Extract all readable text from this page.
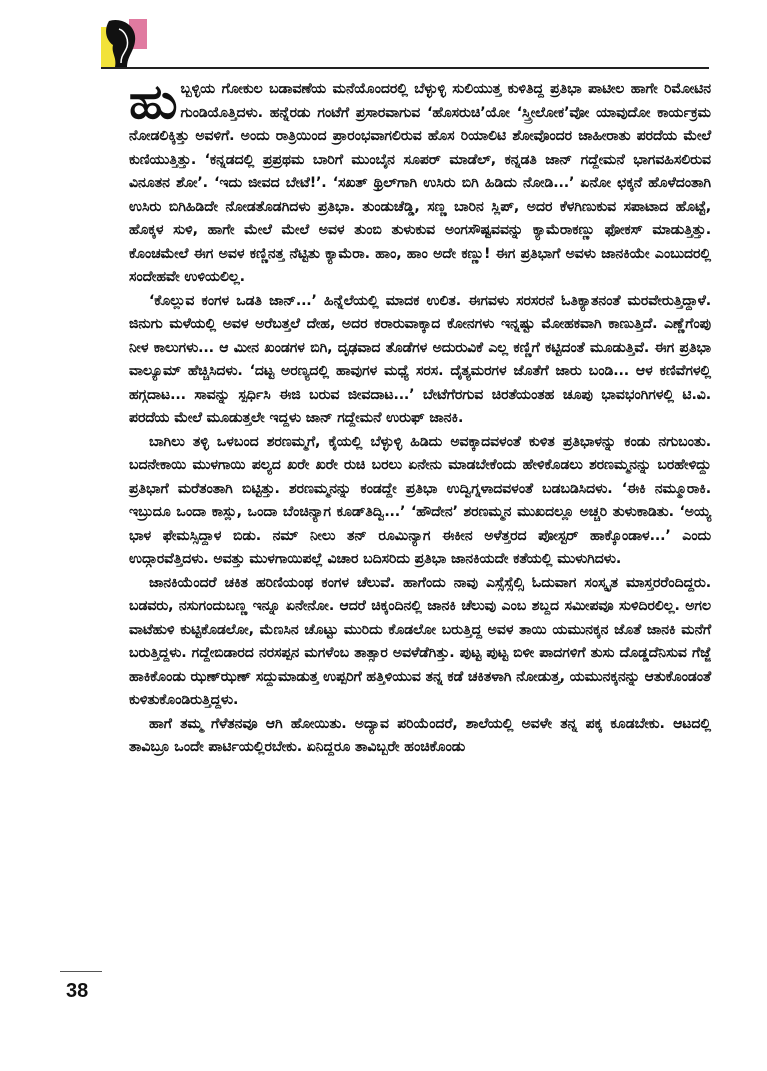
ಹು ಬ್ಬಳ್ಳಿಯ ಗೋಕುಲ ಬಡಾವಣೆಯ ಮನೆಯೊಂದರಲ್ಲಿ ಬೆಳ್ಳುಳ್ಳಿ ಸುಲಿಯುತ್ತ ಕುಳಿತಿದ್ದ ಪ್ರತಿಭಾ ಪಾಟೀಲ ಹಾಗೇ ರಿಮೋಟಿನ ಗುಂಡಿಯೊತ್ತಿದಳು. ಹನ್ನೆರಡು ಗಂಟೆಗೆ ಪ್ರಸಾರವಾಗುವ ‘ಹೊಸರುಚಿ’ಯೋ ‘ಸ್ತ್ರೀಲೋಕ’ವೋ ಯಾವುದೋ ಕಾರ್ಯಕ್ರಮ ನೋಡಲಿಕ್ಕಿತ್ತು ಅವಳಿಗೆ. ಅಂದು ರಾತ್ರಿಯಿಂದ ಪ್ರಾರಂಭವಾಗಲಿರುವ ಹೊಸ ರಿಯಾಲಿಟಿ ಶೋವೊಂದರ ಜಾಹೀರಾತು ಪರದೆಯ ಮೇಲೆ ಕುಣಿಯುತ್ತಿತ್ತು. ‘ಕನ್ನಡದಲ್ಲಿ ಪ್ರಪ್ರಥಮ ಬಾರಿಗೆ ಮುಂಬೈನ ಸೂಪರ್ ಮಾಡೆಲ್, ಕನ್ನಡತಿ ಜಾನ್ ಗದ್ದೇಮನೆ ಭಾಗವಹಿಸಲಿರುವ ವಿನೂತನ ಶೋ’. ‘ಇದು ಜೀವದ ಬೇಟೆ!’. ‘ಸಖತ್ ಥ್ರಿಲ್‌ಗಾಗಿ ಉಸಿರು ಬಿಗಿ ಹಿಡಿದು ನೋಡಿ...’ ಏನೋ ಛಕ್ಕನೆ ಹೊಳೆದಂತಾಗಿ ಉಸಿರು ಬಿಗಿಹಿಡಿದೇ ನೋಡತೊಡಗಿದಳು ಪ್ರತಿಭಾ. ತುಂಡುಚೆಡ್ಡಿ, ಸಣ್ಣ ಬಾರಿನ ಸ್ಲಿಪ್, ಅದರ ಕೆಳಗಿಣುಕುವ ಸಪಾಟಾದ ಹೊಟ್ಟೆ, ಹೊಕ್ಕಳ ಸುಳಿ, ಹಾಗೇ ಮೇಲೆ ಮೇಲೆ ಅವಳ ತುಂಬಿ ತುಳುಕುವ ಅಂಗಸೌಷ್ಟವವನ್ನು ಕ್ಯಾಮೆರಾಕಣ್ಣು ಫೋಕಸ್ ಮಾಡುತ್ತಿತ್ತು. ಕೊಂಚಮೇಲೆ ಈಗ ಅವಳ ಕಣ್ಣಿನತ್ತ ನೆಟ್ಟಿತು ಕ್ಯಾಮೆರಾ. ಹಾಂ, ಹಾಂ ಅದೇ ಕಣ್ಣು! ಈಗ ಪ್ರತಿಭಾಗೆ ಅವಳು ಜಾನಕಿಯೇ ಎಂಬುದರಲ್ಲಿ ಸಂದೇಹವೇ ಉಳಿಯಲಿಲ್ಲ.

‘ಕೊಲ್ಲುವ ಕಂಗಳ ಒಡತಿ ಜಾನ್...’ ಹಿನ್ನೆಲೆಯಲ್ಲಿ ಮಾದಕ ಉಲಿತ. ಈಗವಳು ಸರಸರನೆ ಓತಿಕ್ಯಾತನಂತೆ ಮರವೇರುತ್ತಿದ್ದಾಳೆ. ಜಿನುಗು ಮಳೆಯಲ್ಲಿ ಅವಳ ಅರೆಬತ್ತಲೆ ದೇಹ, ಅದರ ಕರಾರುವಾಕ್ಕಾದ ಕೋನಗಳು ಇನ್ನಷ್ಟು ಮೋಹಕವಾಗಿ ಕಾಣುತ್ತಿದೆ. ಎಣ್ಣೆಗೆಂಪು ನೀಳ ಕಾಲುಗಳು... ಆ ಮೀನ ಖಂಡಗಳ ಬಿಗಿ, ದೃಢವಾದ ತೊಡೆಗಳ ಅದುರುವಿಕೆ ಎಲ್ಲ ಕಣ್ಣಿಗೆ ಕಟ್ಟಿದಂತೆ ಮೂಡುತ್ತಿವೆ. ಈಗ ಪ್ರತಿಭಾ ವಾಲ್ಯೂಮ್ ಹೆಚ್ಚಿಸಿದಳು. ‘ದಟ್ಟ ಅರಣ್ಯದಲ್ಲಿ ಹಾವುಗಳ ಮಧ್ಯೆ ಸರಸ. ದೈತ್ಯಮರಗಳ ಜೊತೆಗೆ ಜಾರು ಬಂಡಿ... ಆಳ ಕಣಿವೆಗಳಲ್ಲಿ ಹಗ್ಗದಾಟ... ಸಾವನ್ನು ಸ್ಪರ್ಧಿಸಿ ಈಜಿ ಬರುವ ಜೀವದಾಟ...’ ಬೇಟೆಗೆರಗುವ ಚಿರತೆಯಂತಹ ಚೂಪು ಭಾವಭಂಗಿಗಳಲ್ಲಿ ಟಿ.ವಿ. ಪರದೆಯ ಮೇಲೆ ಮೂಡುತ್ತಲೇ ಇದ್ದಳು ಜಾನ್ ಗದ್ದೇಮನೆ ಉರುಫ್ ಜಾನಕಿ.

ಬಾಗಿಲು ತಳ್ಳಿ ಒಳಬಂದ ಶರಣಮ್ಮಗೆ, ಕೈಯಲ್ಲಿ ಬೆಳ್ಳುಳ್ಳಿ ಹಿಡಿದು ಅವಕ್ಕಾದವಳಂತೆ ಕುಳಿತ ಪ್ರತಿಭಾಳನ್ನು ಕಂಡು ನಗುಬಂತು. ಬದನೇಕಾಯಿ ಮುಳಗಾಯಿ ಪಲ್ಯದ ಖರೇ ಖರೇ ರುಚಿ ಬರಲು ಏನೇನು ಮಾಡಬೇಕೆಂದು ಹೇಳಿಕೊಡಲು ಶರಣಮ್ಮನನ್ನು ಬರಹೇಳಿದ್ದು ಪ್ರತಿಭಾಗೆ ಮರೆತಂತಾಗಿ ಬಿಟ್ಟಿತ್ತು. ಶರಣಮ್ಮನನ್ನು ಕಂಡದ್ದೇ ಪ್ರತಿಭಾ ಉದ್ವಿಗ್ನಳಾದವಳಂತೆ ಬಡಬಡಿಸಿದಳು. ‘ಈಕಿ ನಮ್ಮೂರಾಕಿ. ಇಬ್ರುದೂ ಒಂದಾ ಕಾಸ್ಲು, ಒಂದಾ ಬೆಂಚಿನ್ಯಾಗ ಕೂಡ್‌ತಿದ್ವಿ...’ ‘ಹೌದೇನ’ ಶರಣಮ್ಮನ ಮುಖದಲ್ಲೂ ಅಚ್ಚರಿ ತುಳುಕಾಡಿತು. ‘ಅಯ್ಯ ಭಾಳ ಫೇಮಸ್ಸಿದ್ದಾಳ ಬಿಡು. ನಮ್ ನೀಲು ತನ್ ರೂಮಿನ್ಯಾಗ ಈಕೀನ ಅಳೆತ್ತರದ ಪೋಸ್ಟರ್ ಹಾಕ್ಕೊಂಡಾಳ...’ ಎಂದು ಉದ್ಗಾರವೆತ್ತಿದಳು. ಅವತ್ತು ಮುಳಗಾಯಿಪಲ್ಲೆ ವಿಚಾರ ಬದಿಸರಿದು ಪ್ರತಿಭಾ ಜಾನಕಿಯದೇ ಕತೆಯಲ್ಲಿ ಮುಳುಗಿದಳು.

ಜಾನಕಿಯೆಂದರೆ ಚಕಿತ ಹರಿಣಿಯಂಥ ಕಂಗಳ ಚೆಲುವೆ. ಹಾಗೆಂದು ನಾವು ಎಸ್ಸೆಸ್ಸೆಲ್ಸಿ ಓದುವಾಗ ಸಂಸ್ಕೃತ ಮಾಸ್ತರರೆಂದಿದ್ದರು. ಬಡವರು, ನಸುಗಂದುಬಣ್ಣ ಇನ್ನೂ ಏನೇನೋ. ಆದರೆ ಚಿಕ್ಕಂದಿನಲ್ಲಿ ಜಾನಕಿ ಚೆಲುವು ಎಂಬ ಶಬ್ದದ ಸಮೀಪವೂ ಸುಳಿದಿರಲಿಲ್ಲ. ಅಗಲ ವಾಟೆಹುಳಿ ಕುಟ್ಟಿಕೊಡಲೋ, ಮೆಣಸಿನ ಚೊಟ್ಟು ಮುರಿದು ಕೊಡಲೋ ಬರುತ್ತಿದ್ದ ಅವಳ ತಾಯಿ ಯಮುನಕ್ಕನ ಜೊತೆ ಜಾನಕಿ ಮನೆಗೆ ಬರುತ್ತಿದ್ದಳು. ಗದ್ದೇಬಿಡಾರದ ನರಸಪ್ಪನ ಮಗಳೆಂಬ ತಾತ್ಸಾರ ಅವಳೆಡೆಗಿತ್ತು. ಪುಟ್ಟ ಪುಟ್ಟ ಬಿಳೀ ಪಾದಗಳಿಗೆ ತುಸು ದೊಡ್ಡದೆನಿಸುವ ಗೆಜ್ಜೆ ಹಾಕಿಕೊಂಡು ಝಣ್‌ಝಣ್ ಸದ್ದುಮಾಡುತ್ತ ಉಪ್ಪರಿಗೆ ಹತ್ತಿಳಿಯುವ ತನ್ನ ಕಡೆ ಚಕಿತಳಾಗಿ ನೋಡುತ್ತ, ಯಮುನಕ್ಕನನ್ನು ಆತುಕೊಂಡಂತೆ ಕುಳಿತುಕೊಂಡಿರುತ್ತಿದ್ದಳು.

ಹಾಗೆ ತಮ್ಮ ಗೆಳೆತನವೂ ಆಗಿ ಹೋಯಿತು. ಅದ್ಯಾವ ಪರಿಯೆಂದರೆ, ಶಾಲೆಯಲ್ಲಿ ಅವಳೇ ತನ್ನ ಪಕ್ಕ ಕೂಡಬೇಕು. ಆಟದಲ್ಲಿ ತಾವಿಬ್ರೂ ಒಂದೇ ಪಾರ್ಟಿಯಲ್ಲಿರಬೇಕು. ಏನಿದ್ದರೂ ತಾವಿಬ್ಬರೇ ಹಂಚಿಕೊಂಡು

38
